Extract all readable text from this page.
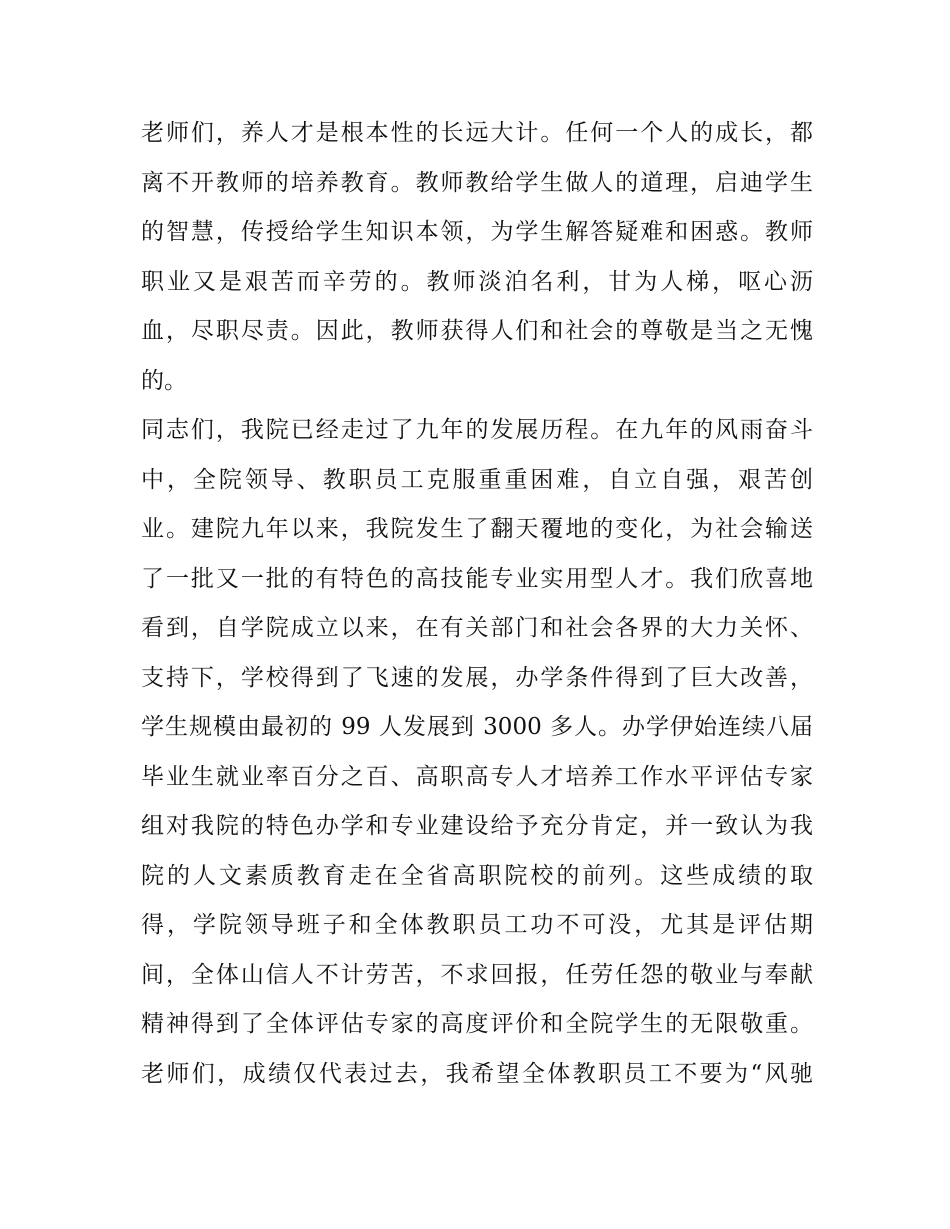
老师们，养人才是根本性的长远大计。任何一个人的成长，都
离不开教师的培养教育。教师教给学生做人的道理，启迪学生
的智慧，传授给学生知识本领，为学生解答疑难和困惑。教师
职业又是艰苦而辛劳的。教师淡泊名利，甘为人梯，呕心沥
血，尽职尽责。因此，教师获得人们和社会的尊敬是当之无愧
的。
同志们，我院已经走过了九年的发展历程。在九年的风雨奋斗
中，全院领导、教职员工克服重重困难，自立自强，艰苦创
业。建院九年以来，我院发生了翻天覆地的变化，为社会输送
了一批又一批的有特色的高技能专业实用型人才。我们欣喜地
看到，自学院成立以来，在有关部门和社会各界的大力关怀、
支持下，学校得到了飞速的发展，办学条件得到了巨大改善，
学生规模由最初的 99 人发展到 3000 多人。办学伊始连续八届
毕业生就业率百分之百、高职高专人才培养工作水平评估专家
组对我院的特色办学和专业建设给予充分肯定，并一致认为我
院的人文素质教育走在全省高职院校的前列。这些成绩的取
得，学院领导班子和全体教职员工功不可没，尤其是评估期
间，全体山信人不计劳苦，不求回报，任劳任怨的敬业与奉献
精神得到了全体评估专家的高度评价和全院学生的无限敬重。
老师们，成绩仅代表过去，我希望全体教职员工不要为“风驰
